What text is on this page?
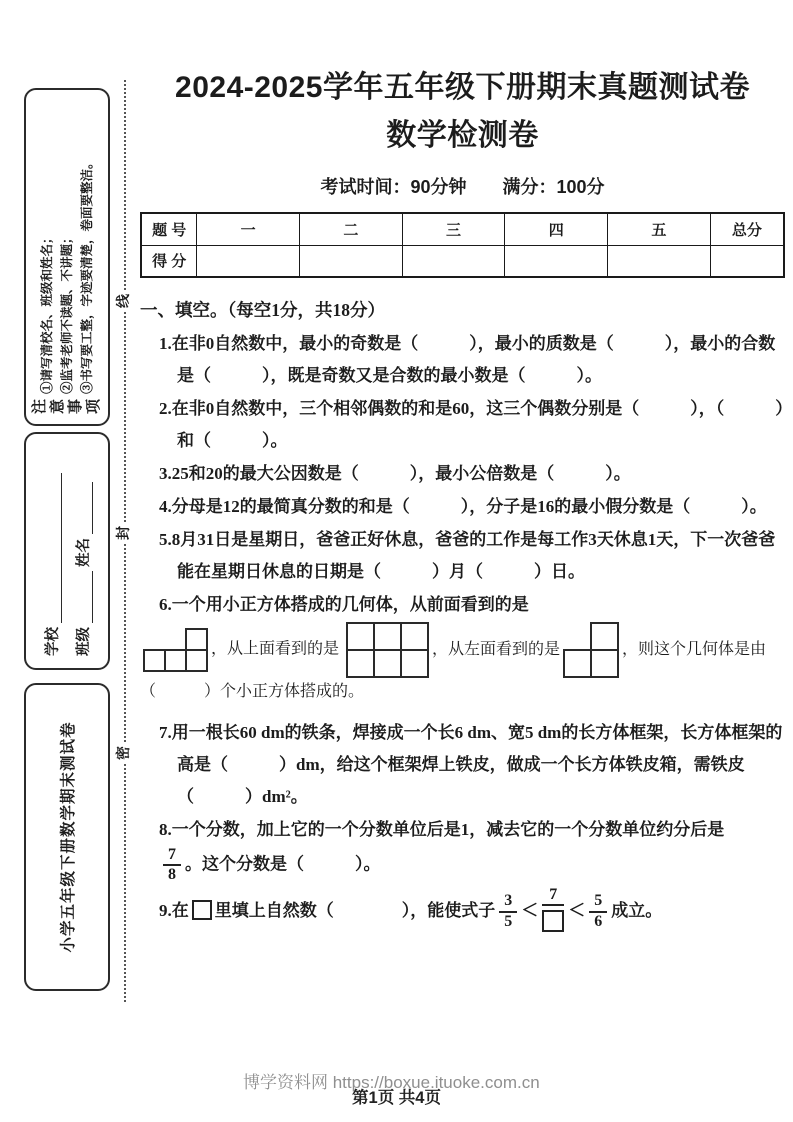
注意事项
①请写清校名、班级和姓名； ②监考老师不读题、不讲题； ③书写要工整，字迹要清楚，卷面要整洁。
学校 班级
姓名
小学五年级下册数学期末测试卷
线
封
密
2024-2025学年五年级下册期末真题测试卷
数学检测卷
考试时间：90分钟　　满分：100分
题 号	一	二	三	四	五	总分
得 分						
一、填空。（每空1分，共18分）

1.在非0自然数中，最小的奇数是（　　　），最小的质数是（　　　），最小的合数是（　　　），既是奇数又是合数的最小数是（　　　）。

2.在非0自然数中，三个相邻偶数的和是60，这三个偶数分别是（　　　），（　　　）和（　　　）。

3.25和20的最大公因数是（　　　），最小公倍数是（　　　）。

4.分母是12的最简真分数的和是（　　　），分子是16的最小假分数是（　　　）。

5.8月31日是星期日，爸爸正好休息，爸爸的工作是每工作3天休息1天，下一次爸爸能在星期日休息的日期是（　　　）月（　　　）日。

6.一个用小正方体搭成的几何体，从前面看到的是

		，从上面看到的是		
			，从左面看到的是	
		，则这个几何体是由（　　　）个小正方体搭成的。

7.用一根长60 dm的铁条，焊接成一个长6 dm、宽5 dm的长方体框架，长方体框架的高是（　　　）dm，给这个框架焊上铁皮，做成一个长方体铁皮箱，需铁皮（　　　）dm²。

8.一个分数，加上它的一个分数单位后是1，减去它的一个分数单位约分后是
$\frac{7}{8}$ 。这个分数是（　　　）。

9.在 里填上自然数（　　　　），能使式子 $\frac{3}{5}$ ＜
7
＜ $\frac{5}{6}$ 成立。

博学资料网 https://boxue.ituoke.com.cn
第1页 共4页
